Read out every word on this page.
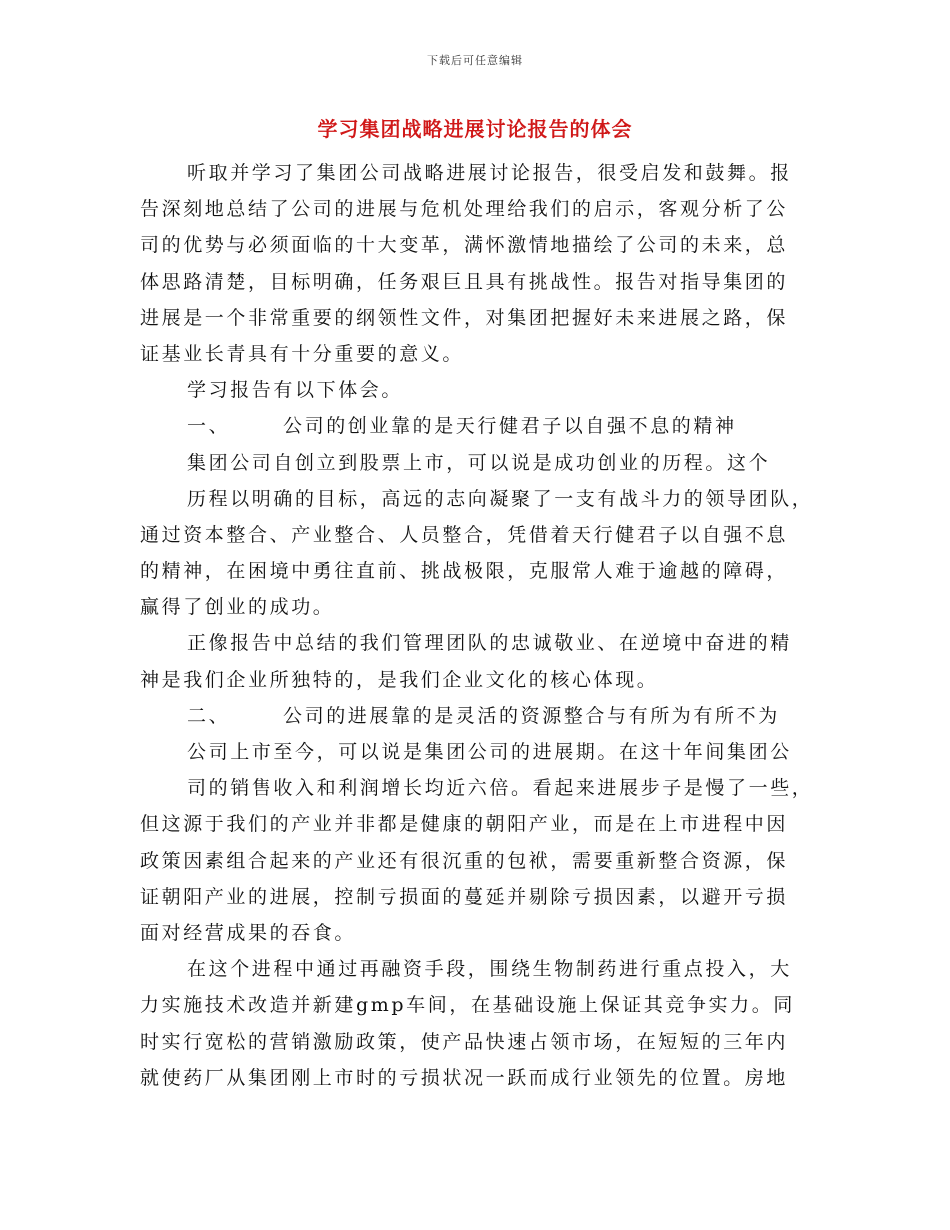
下载后可任意编辑
学习集团战略进展讨论报告的体会
听取并学习了集团公司战略进展讨论报告，很受启发和鼓舞。报
告深刻地总结了公司的进展与危机处理给我们的启示，客观分析了公
司的优势与必须面临的十大变革，满怀激情地描绘了公司的未来，总
体思路清楚，目标明确，任务艰巨且具有挑战性。报告对指导集团的
进展是一个非常重要的纲领性文件，对集团把握好未来进展之路，保
证基业长青具有十分重要的意义。
学习报告有以下体会。
一、	公司的创业靠的是天行健君子以自强不息的精神
集团公司自创立到股票上市，可以说是成功创业的历程。这个
历程以明确的目标，高远的志向凝聚了一支有战斗力的领导团队，
通过资本整合、产业整合、人员整合，凭借着天行健君子以自强不息
的精神，在困境中勇往直前、挑战极限，克服常人难于逾越的障碍，
赢得了创业的成功。
正像报告中总结的我们管理团队的忠诚敬业、在逆境中奋进的精
神是我们企业所独特的，是我们企业文化的核心体现。
二、	公司的进展靠的是灵活的资源整合与有所为有所不为
公司上市至今，可以说是集团公司的进展期。在这十年间集团公
司的销售收入和利润增长均近六倍。看起来进展步子是慢了一些，
但这源于我们的产业并非都是健康的朝阳产业，而是在上市进程中因
政策因素组合起来的产业还有很沉重的包袱，需要重新整合资源，保
证朝阳产业的进展，控制亏损面的蔓延并剔除亏损因素，以避开亏损
面对经营成果的吞食。
在这个进程中通过再融资手段，围绕生物制药进行重点投入，大
力实施技术改造并新建gmp车间，在基础设施上保证其竞争实力。同
时实行宽松的营销激励政策，使产品快速占领市场，在短短的三年内
就使药厂从集团刚上市时的亏损状况一跃而成行业领先的位置。房地
